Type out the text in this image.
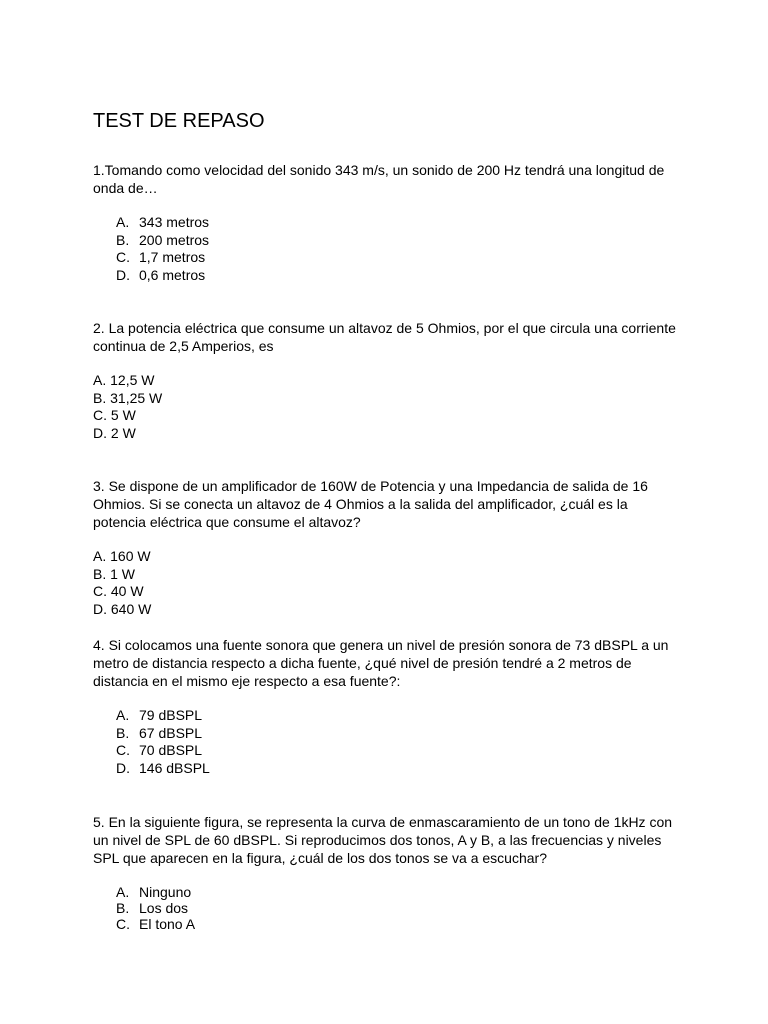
TEST DE REPASO

1.Tomando como velocidad del sonido 343 m/s, un sonido de 200 Hz tendrá una longitud de onda de…

A. 343 metros
B. 200 metros
C. 1,7 metros
D. 0,6 metros

2. La potencia eléctrica que consume un altavoz de 5 Ohmios, por el que circula una corriente continua de 2,5 Amperios, es

A. 12,5 W
B. 31,25 W
C. 5 W
D. 2 W

3. Se dispone de un amplificador de 160W de Potencia y una Impedancia de salida de 16 Ohmios. Si se conecta un altavoz de 4 Ohmios a la salida del amplificador, ¿cuál es la potencia eléctrica que consume el altavoz?

A. 160 W
B. 1 W
C. 40 W
D. 640 W

4. Si colocamos una fuente sonora que genera un nivel de presión sonora de 73 dBSPL a un metro de distancia respecto a dicha fuente, ¿qué nivel de presión tendré a 2 metros de distancia en el mismo eje respecto a esa fuente?:

A. 79 dBSPL
B. 67 dBSPL
C. 70 dBSPL
D. 146 dBSPL

5. En la siguiente figura, se representa la curva de enmascaramiento de un tono de 1kHz con un nivel de SPL de 60 dBSPL. Si reproducimos dos tonos, A y B, a las frecuencias y niveles SPL que aparecen en la figura, ¿cuál de los dos tonos se va a escuchar?

A. Ninguno
B. Los dos
C. El tono A
